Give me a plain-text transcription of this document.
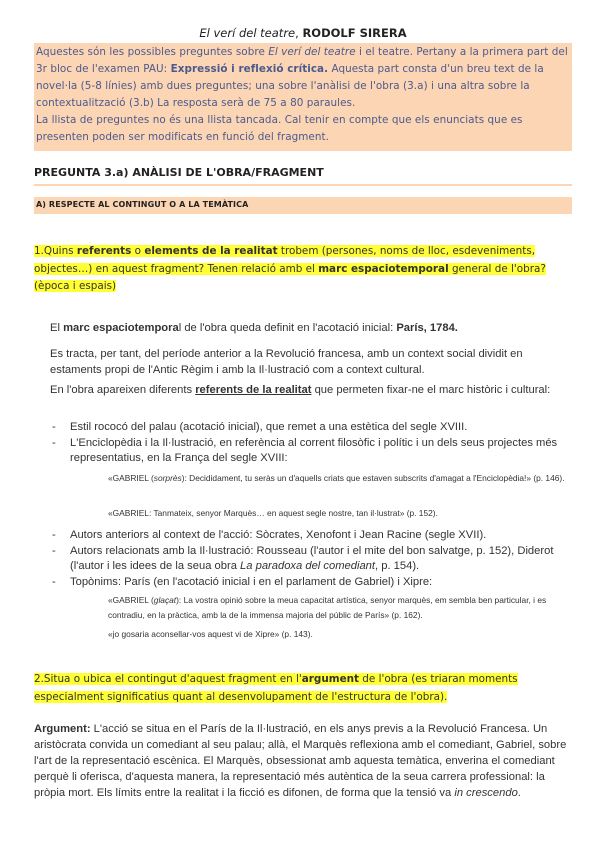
El verí del teatre, RODOLF SIRERA

Aquestes són les possibles preguntes sobre El verí del teatre i el teatre. Pertany a la primera part del 3r bloc de l'examen PAU: Expressió i reflexió crítica. Aquesta part consta d'un breu text de la novel·la (5-8 línies) amb dues preguntes; una sobre l'anàlisi de l'obra (3.a) i una altra sobre la contextualització (3.b) La resposta serà de 75 a 80 paraules.

La llista de preguntes no és una llista tancada. Cal tenir en compte que els enunciats que es presenten poden ser modificats en funció del fragment.

PREGUNTA 3.a) ANÀLISI DE L'OBRA/FRAGMENT
A) RESPECTE AL CONTINGUT O A LA TEMÀTICA

1.Quins referents o elements de la realitat trobem (persones, noms de lloc, esdeveniments, objectes…) en aquest fragment? Tenen relació amb el marc espaciotemporal general de l'obra? (època i espais)

El marc espaciotemporal de l'obra queda definit en l'acotació inicial: París, 1784.

Es tracta, per tant, del període anterior a la Revolució francesa, amb un context social dividit en estaments propi de l'Antic Règim i amb la Il·lustració com a context cultural.

En l'obra apareixen diferents referents de la realitat que permeten fixar-ne el marc històric i cultural:

- Estil rococó del palau (acotació inicial), que remet a una estètica del segle XVIII.
- L'Enciclopèdia i la Il·lustració, en referència al corrent filosòfic i polític i un dels seus projectes més representatius, en la França del segle XVIII:

«GABRIEL (sorprès): Decididament, tu seràs un d'aquells criats que estaven subscrits d'amagat a l'Enciclopèdia!» (p. 146).

«GABRIEL: Tanmateix, senyor Marquès… en aquest segle nostre, tan il·lustrat» (p. 152).

- Autors anteriors al context de l'acció: Sòcrates, Xenofont i Jean Racine (segle XVII).
- Autors relacionats amb la Il·lustració: Rousseau (l'autor i el mite del bon salvatge, p. 152), Diderot (l'autor i les idees de la seua obra La paradoxa del comediant, p. 154).
- Topònims: París (en l'acotació inicial i en el parlament de Gabriel) i Xipre:

«GABRIEL (glaçat): La vostra opinió sobre la meua capacitat artística, senyor marquès, em sembla ben particular, i es contradiu, en la pràctica, amb la de la immensa majoria del públic de París» (p. 162).

«jo gosaria aconsellar-vos aquest vi de Xipre» (p. 143).

2.Situa o ubica el contingut d'aquest fragment en l'argument de l'obra (es triaran moments especialment significatius quant al desenvolupament de l'estructura de l'obra).

Argument: L'acció se situa en el París de la Il·lustració, en els anys previs a la Revolució Francesa. Un aristòcrata convida un comediant al seu palau; allà, el Marquès reflexiona amb el comediant, Gabriel, sobre l'art de la representació escènica. El Marquès, obsessionat amb aquesta temàtica, enverina el comediant perquè li oferisca, d'aquesta manera, la representació més autèntica de la seua carrera professional: la pròpia mort. Els límits entre la realitat i la ficció es difonen, de forma que la tensió va in crescendo.
